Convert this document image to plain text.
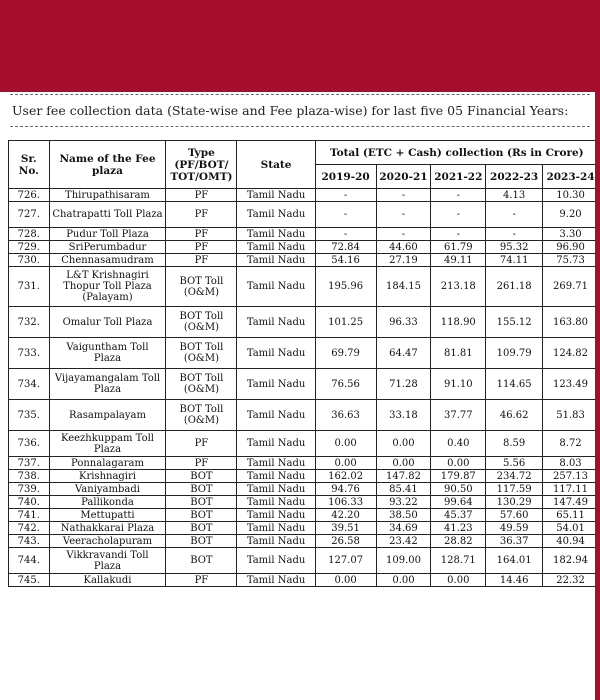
User fee collection data (State-wise and Fee plaza-wise) for last five 05 Financial Years:
Sr. No.	Name of the Fee plaza	Type (PF/BOT/ TOT/OMT)	State	Total (ETC + Cash) collection (Rs in Crore)				
				2019-20	2020-21	2021-22	2022-23	2023-24
726.	Thirupathisaram	PF	Tamil Nadu	-	-	-	4.13	10.30
727.	Chatrapatti Toll Plaza	PF	Tamil Nadu	-	-	-	-	9.20
728.	Pudur Toll Plaza	PF	Tamil Nadu	-	-	-	-	3.30
729.	SriPerumbadur	PF	Tamil Nadu	72.84	44.60	61.79	95.32	96.90
730.	Chennasamudram	PF	Tamil Nadu	54.16	27.19	49.11	74.11	75.73
731.	L&T Krishnagiri Thopur Toll Plaza (Palayam)	BOT Toll (O&M)	Tamil Nadu	195.96	184.15	213.18	261.18	269.71
732.	Omalur Toll Plaza	BOT Toll (O&M)	Tamil Nadu	101.25	96.33	118.90	155.12	163.80
733.	Vaiguntham Toll Plaza	BOT Toll (O&M)	Tamil Nadu	69.79	64.47	81.81	109.79	124.82
734.	Vijayamangalam Toll Plaza	BOT Toll (O&M)	Tamil Nadu	76.56	71.28	91.10	114.65	123.49
735.	Rasampalayam	BOT Toll (O&M)	Tamil Nadu	36.63	33.18	37.77	46.62	51.83
736.	Keezhkuppam Toll Plaza	PF	Tamil Nadu	0.00	0.00	0.40	8.59	8.72
737.	Ponnalagaram	PF	Tamil Nadu	0.00	0.00	0.00	5.56	8.03
738.	Krishnagiri	BOT	Tamil Nadu	162.02	147.82	179.87	234.72	257.13
739.	Vaniyambadi	BOT	Tamil Nadu	94.76	85.41	90.50	117.59	117.11
740.	Pallikonda	BOT	Tamil Nadu	106.33	93.22	99.64	130.29	147.49
741.	Mettupatti	BOT	Tamil Nadu	42.20	38.50	45.37	57.60	65.11
742.	Nathakkarai Plaza	BOT	Tamil Nadu	39.51	34.69	41.23	49.59	54.01
743.	Veeracholapuram	BOT	Tamil Nadu	26.58	23.42	28.82	36.37	40.94
744.	Vikkravandi Toll Plaza	BOT	Tamil Nadu	127.07	109.00	128.71	164.01	182.94
745.	Kallakudi	PF	Tamil Nadu	0.00	0.00	0.00	14.46	22.32
